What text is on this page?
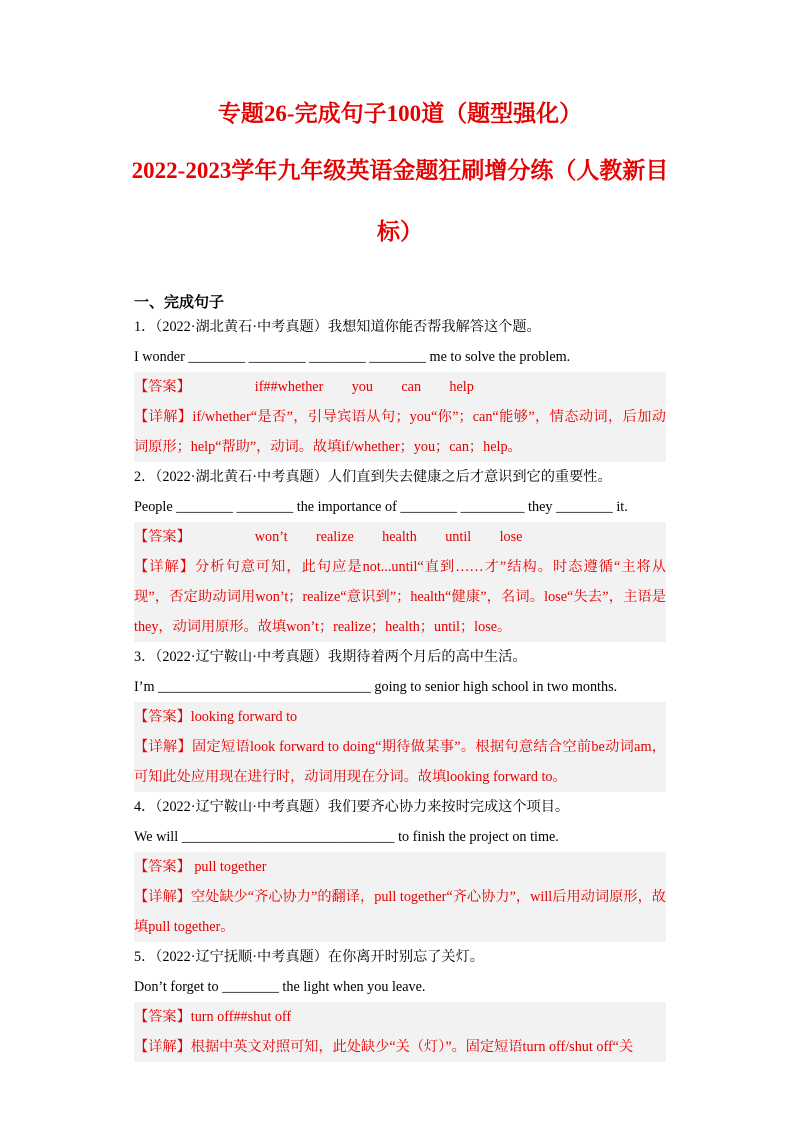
专题26-完成句子100道（题型强化）
2022-2023学年九年级英语金题狂刷增分练（人教新目
标）
一、完成句子
1．（2022·湖北黄石·中考真题）我想知道你能否帮我解答这个题。
I wonder ________ ________ ________ ________ me to solve the problem.
【答案】	if##whether　　you　　can　　help
【详解】if/whether“是否”，引导宾语从句；you“你”；can“能够”，情态动词，后加动词原形；help“帮助”，动词。故填if/whether；you；can；help。
2．（2022·湖北黄石·中考真题）人们直到失去健康之后才意识到它的重要性。
People ________ ________ the importance of ________ _________ they ________ it.
【答案】	won’t　　realize　　health　　until　　lose
【详解】分析句意可知，此句应是not...until“直到……才”结构。时态遵循“主将从现”，否定助动词用won’t；realize“意识到”；health“健康”，名词。lose“失去”，主语是they，动词用原形。故填won’t；realize；health；until；lose。
3．（2022·辽宁鞍山·中考真题）我期待着两个月后的高中生活。
I’m ______________________________ going to senior high school in two months.
【答案】looking forward to
【详解】固定短语look forward to doing“期待做某事”。根据句意结合空前be动词am，可知此处应用现在进行时，动词用现在分词。故填looking forward to。
4．（2022·辽宁鞍山·中考真题）我们要齐心协力来按时完成这个项目。
We will ______________________________ to finish the project on time.
【答案】 pull together
【详解】空处缺少“齐心协力”的翻译，pull together“齐心协力”，will后用动词原形，故填pull together。
5．（2022·辽宁抚顺·中考真题）在你离开时别忘了关灯。
Don’t forget to ________ the light when you leave.
【答案】turn off##shut off
【详解】根据中英文对照可知，此处缺少“关（灯）”。固定短语turn off/shut off“关
